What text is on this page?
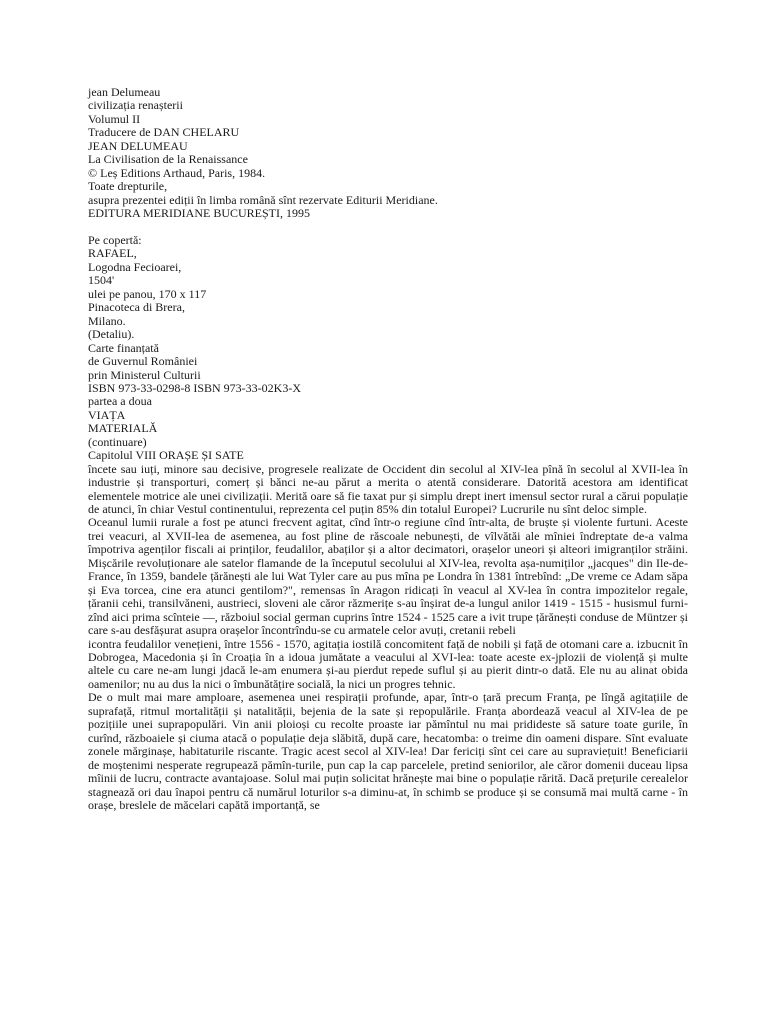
jean Delumeau

civilizația renașterii

Volumul II

Traducere de DAN CHELARU

JEAN DELUMEAU

La Civilisation de la Renaissance

© Leș Editions Arthaud, Paris, 1984.

Toate drepturile,

asupra prezentei ediții în limba română sînt rezervate Editurii Meridiane.

EDITURA MERIDIANE BUCUREȘTI, 1995

Pe copertă:

RAFAEL,

Logodna Fecioarei,

1504'

ulei pe panou, 170 x 117

Pinacoteca di Brera,

Milano.

(Detaliu).

Carte finanțată

de Guvernul României

prin Ministerul Culturii

ISBN 973-33-0298-8 ISBN 973-33-02K3-X

partea a doua

VIAȚA

MATERIALĂ

(continuare)

Capitolul VIII ORAȘE ȘI SATE

încete sau iuți, minore sau decisive, progresele realizate de Occident din secolul al XIV-lea pînă în secolul al XVII-lea în industrie și transporturi, comerț și bănci ne-au părut a merita o atentă considerare. Datorită acestora am identificat elementele motrice ale unei civilizații. Merită oare să fie taxat pur și simplu drept inert imensul sector rural a cărui populație de atunci, în chiar Vestul continentului, reprezenta cel puțin 85% din totalul Europei? Lucrurile nu sînt deloc simple.

Oceanul lumii rurale a fost pe atunci frecvent agitat, cînd într-o regiune cînd într-alta, de bruște și violente furtuni. Aceste trei veacuri, al XVII-lea de asemenea, au fost pline de răscoale nebunești, de vîlvătăi ale mîniei îndreptate de-a valma împotriva agenților fiscali ai prinților, feudalilor, abaților și a altor decimatori, orașelor uneori și alteori imigranților străini. Mișcările revoluționare ale satelor flamande de la începutul secolului al XIV-lea, revolta așa-numiților „jacques" din Ile-de-France, în 1359, bandele țărănești ale lui Wat Tyler care au pus mîna pe Londra în 1381 întrebînd: „De vreme ce Adam săpa și Eva torcea, cine era atunci gentilom?", remensas în Aragon ridicați în veacul al XV-lea în contra impozitelor regale, țăranii cehi, transilvăneni, austrieci, sloveni ale căror răzmerițe s-au înșirat de-a lungul anilor 1419 - 1515 - husismul furni-zînd aici prima scînteie —, războiul social german cuprins între 1524 - 1525 care a ivit trupe țărănești conduse de Müntzer și care s-au desfășurat asupra orașelor încontrîndu-se cu armatele celor avuți, cretanii rebeli

icontra feudalilor venețieni, între 1556 - 1570, agitația iostilă concomitent față de nobili și față de otomani care a. izbucnit în Dobrogea, Macedonia și în Croația în a idoua jumătate a veacului al XVI-lea: toate aceste ex-jplozii de violență și multe altele cu care ne-am lungi jdacă le-am enumera și-au pierdut repede suflul și au pierit dintr-o dată. Ele nu au alinat obida oamenilor; nu au dus la nici o îmbunătățire socială, la nici un progres tehnic.

De o mult mai mare amploare, asemenea unei respirații profunde, apar, într-o țară precum Franța, pe lîngă agitațiile de suprafață, ritmul mortalității și natalității, bejenia de la sate și repopulările. Franța abordează veacul al XIV-lea de pe pozițiile unei suprapopulări. Vin anii ploioși cu recolte proaste iar pămîntul nu mai pridideste să sature toate gurile, în curînd, războaiele și ciuma atacă o populație deja slăbită, după care, hecatomba: o treime din oameni dispare. Sînt evaluate zonele mărginașe, habitaturile riscante. Tragic acest secol al XIV-lea! Dar fericiți sînt cei care au supraviețuit! Beneficiarii de moștenimi nesperate regrupează pămîn-turile, pun cap la cap parcelele, pretind seniorilor, ale căror domenii duceau lipsa mîinii de lucru, contracte avantajoase. Solul mai puțin solicitat hrănește mai bine o populație rărită. Dacă prețurile cerealelor stagnează ori dau înapoi pentru că numărul loturilor s-a diminu-at, în schimb se produce și se consumă mai multă carne - în orașe, breslele de măcelari capătă importanță, se
